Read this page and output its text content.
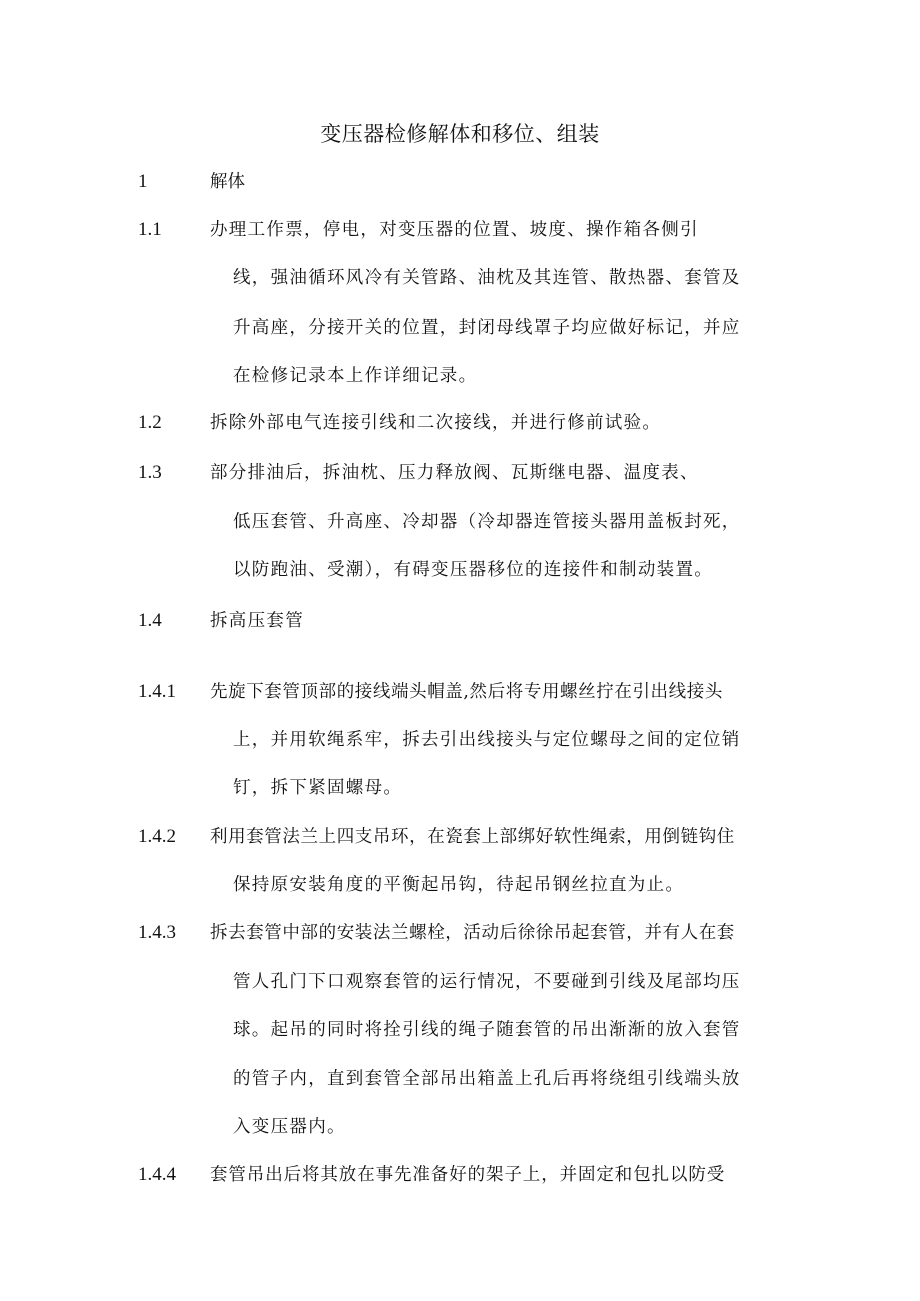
变压器检修解体和移位、组装
1	解体
1.1	办理工作票，停电，对变压器的位置、坡度、操作箱各侧引
线，强油循环风冷有关管路、油枕及其连管、散热器、套管及
升高座，分接开关的位置，封闭母线罩子均应做好标记，并应
在检修记录本上作详细记录。
1.2	拆除外部电气连接引线和二次接线，并进行修前试验。
1.3	部分排油后，拆油枕、压力释放阀、瓦斯继电器、温度表、
低压套管、升高座、冷却器（冷却器连管接头器用盖板封死，
以防跑油、受潮），有碍变压器移位的连接件和制动装置。
1.4	拆高压套管
1.4.1 先旋下套管顶部的接线端头帽盖,然后将专用螺丝拧在引出线接头
上，并用软绳系牢，拆去引出线接头与定位螺母之间的定位销
钉，拆下紧固螺母。
1.4.2 利用套管法兰上四支吊环，在瓷套上部绑好软性绳索，用倒链钩住
保持原安装角度的平衡起吊钩，待起吊钢丝拉直为止。
1.4.3 拆去套管中部的安装法兰螺栓，活动后徐徐吊起套管，并有人在套
管人孔门下口观察套管的运行情况，不要碰到引线及尾部均压
球。起吊的同时将拴引线的绳子随套管的吊出渐渐的放入套管
的管子内，直到套管全部吊出箱盖上孔后再将绕组引线端头放
入变压器内。
1.4.4 套管吊出后将其放在事先准备好的架子上，并固定和包扎以防受
